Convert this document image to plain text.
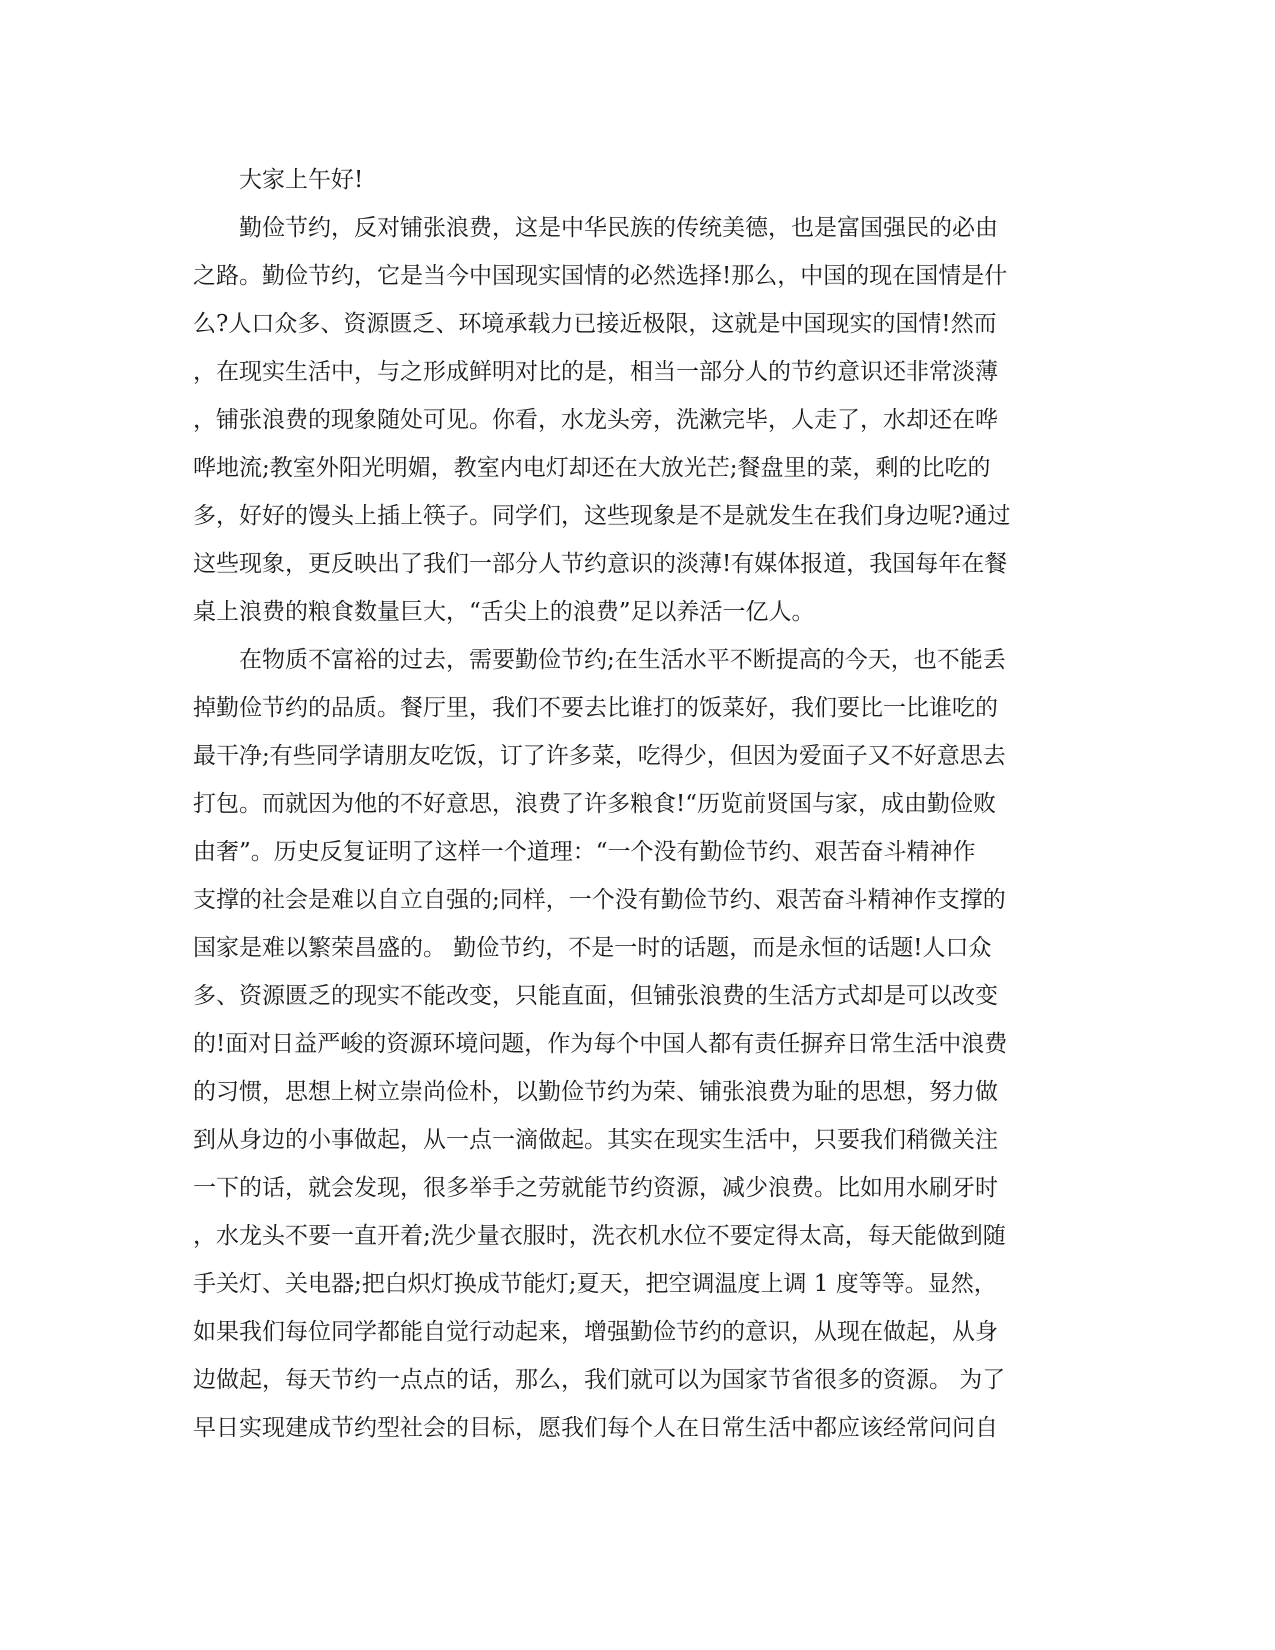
大家上午好!
勤俭节约，反对铺张浪费，这是中华民族的传统美德，也是富国强民的必由
之路。勤俭节约，它是当今中国现实国情的必然选择!那么，中国的现在国情是什
么?人口众多、资源匮乏、环境承载力已接近极限，这就是中国现实的国情!然而
，在现实生活中，与之形成鲜明对比的是，相当一部分人的节约意识还非常淡薄
，铺张浪费的现象随处可见。你看，水龙头旁，洗漱完毕，人走了，水却还在哗
哗地流;教室外阳光明媚，教室内电灯却还在大放光芒;餐盘里的菜，剩的比吃的
多，好好的馒头上插上筷子。同学们，这些现象是不是就发生在我们身边呢?通过
这些现象，更反映出了我们一部分人节约意识的淡薄!有媒体报道，我国每年在餐
桌上浪费的粮食数量巨大，“舌尖上的浪费”足以养活一亿人。
在物质不富裕的过去，需要勤俭节约;在生活水平不断提高的今天，也不能丢
掉勤俭节约的品质。餐厅里，我们不要去比谁打的饭菜好，我们要比一比谁吃的
最干净;有些同学请朋友吃饭，订了许多菜，吃得少，但因为爱面子又不好意思去
打包。而就因为他的不好意思，浪费了许多粮食!“历览前贤国与家，成由勤俭败
由奢”。历史反复证明了这样一个道理：“一个没有勤俭节约、艰苦奋斗精神作
支撑的社会是难以自立自强的;同样，一个没有勤俭节约、艰苦奋斗精神作支撑的
国家是难以繁荣昌盛的。 勤俭节约，不是一时的话题，而是永恒的话题!人口众
多、资源匮乏的现实不能改变，只能直面，但铺张浪费的生活方式却是可以改变
的!面对日益严峻的资源环境问题，作为每个中国人都有责任摒弃日常生活中浪费
的习惯，思想上树立崇尚俭朴，以勤俭节约为荣、铺张浪费为耻的思想，努力做
到从身边的小事做起，从一点一滴做起。其实在现实生活中，只要我们稍微关注
一下的话，就会发现，很多举手之劳就能节约资源，减少浪费。比如用水刷牙时
，水龙头不要一直开着;洗少量衣服时，洗衣机水位不要定得太高，每天能做到随
手关灯、关电器;把白炽灯换成节能灯;夏天，把空调温度上调 1 度等等。显然，
如果我们每位同学都能自觉行动起来，增强勤俭节约的意识，从现在做起，从身
边做起，每天节约一点点的话，那么，我们就可以为国家节省很多的资源。 为了
早日实现建成节约型社会的目标，愿我们每个人在日常生活中都应该经常问问自
